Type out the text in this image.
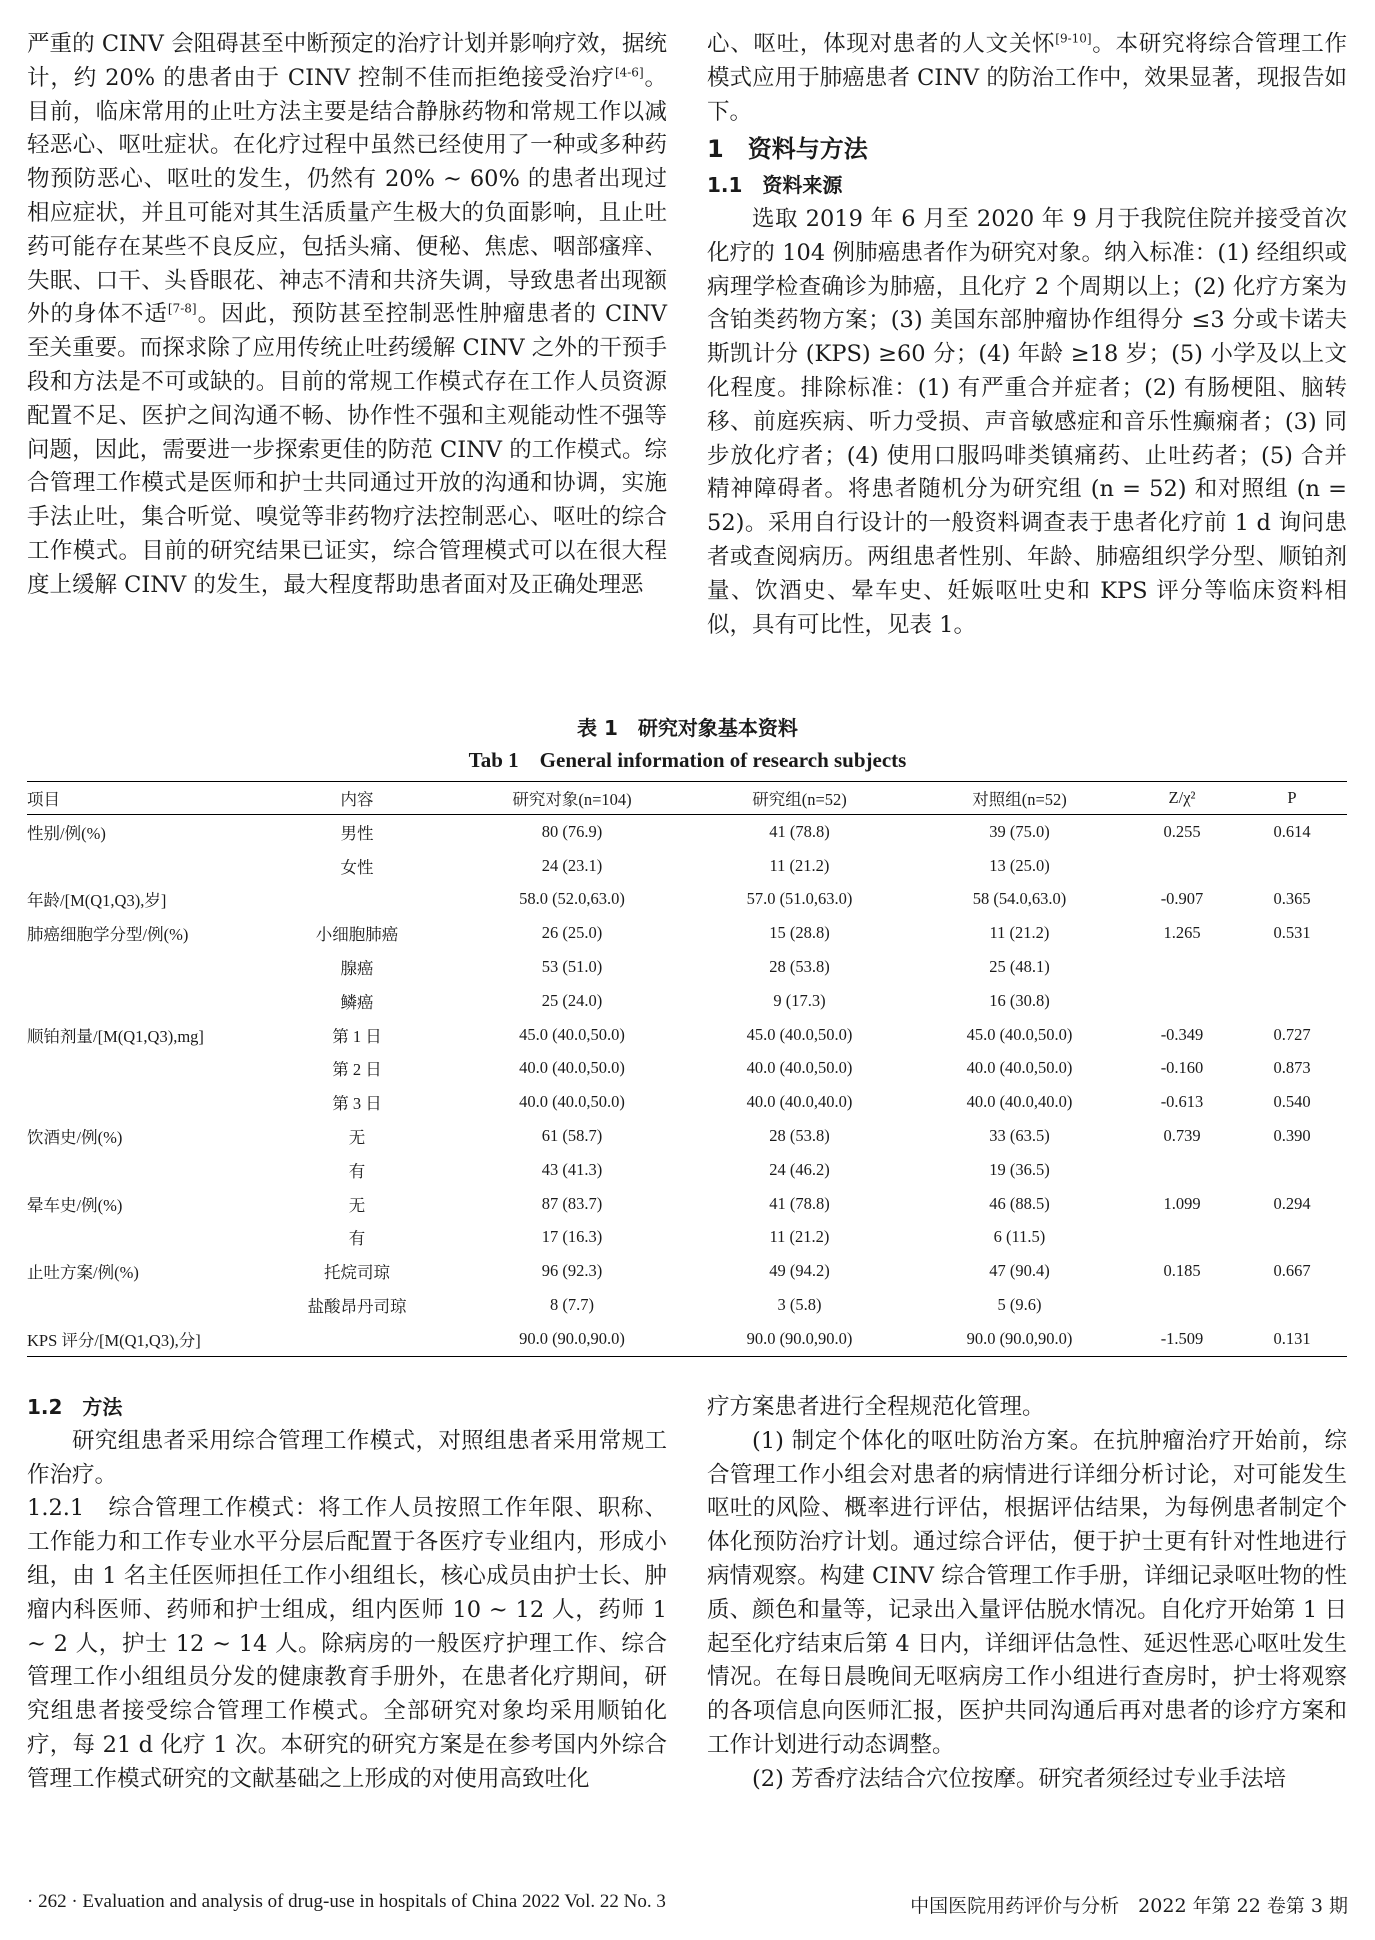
严重的 CINV 会阻碍甚至中断预定的治疗计划并影响疗效，据统计，约 20% 的患者由于 CINV 控制不佳而拒绝接受治疗[4-6]。目前，临床常用的止吐方法主要是结合静脉药物和常规工作以减轻恶心、呕吐症状。在化疗过程中虽然已经使用了一种或多种药物预防恶心、呕吐的发生，仍然有 20% ~ 60% 的患者出现过相应症状，并且可能对其生活质量产生极大的负面影响，且止吐药可能存在某些不良反应，包括头痛、便秘、焦虑、咽部瘙痒、失眠、口干、头昏眼花、神志不清和共济失调，导致患者出现额外的身体不适[7-8]。因此，预防甚至控制恶性肿瘤患者的 CINV 至关重要。而探求除了应用传统止吐药缓解 CINV 之外的干预手段和方法是不可或缺的。目前的常规工作模式存在工作人员资源配置不足、医护之间沟通不畅、协作性不强和主观能动性不强等问题，因此，需要进一步探索更佳的防范 CINV 的工作模式。综合管理工作模式是医师和护士共同通过开放的沟通和协调，实施手法止吐，集合听觉、嗅觉等非药物疗法控制恶心、呕吐的综合工作模式。目前的研究结果已证实，综合管理模式可以在很大程度上缓解 CINV 的发生，最大程度帮助患者面对及正确处理恶

心、呕吐，体现对患者的人文关怀[9-10]。本研究将综合管理工作模式应用于肺癌患者 CINV 的防治工作中，效果显著，现报告如下。

1　资料与方法

1.1　资料来源

选取 2019 年 6 月至 2020 年 9 月于我院住院并接受首次化疗的 104 例肺癌患者作为研究对象。纳入标准：(1) 经组织或病理学检查确诊为肺癌，且化疗 2 个周期以上；(2) 化疗方案为含铂类药物方案；(3) 美国东部肿瘤协作组得分 ≤3 分或卡诺夫斯凯计分 (KPS) ≥60 分；(4) 年龄 ≥18 岁；(5) 小学及以上文化程度。排除标准：(1) 有严重合并症者；(2) 有肠梗阻、脑转移、前庭疾病、听力受损、声音敏感症和音乐性癫痫者；(3) 同步放化疗者；(4) 使用口服吗啡类镇痛药、止吐药者；(5) 合并精神障碍者。将患者随机分为研究组 (n = 52) 和对照组 (n = 52)。采用自行设计的一般资料调查表于患者化疗前 1 d 询问患者或查阅病历。两组患者性别、年龄、肺癌组织学分型、顺铂剂量、饮酒史、晕车史、妊娠呕吐史和 KPS 评分等临床资料相似，具有可比性，见表 1。

表 1　研究对象基本资料
Tab 1　General information of research subjects
项目	内容	研究对象(n=104)	研究组(n=52)	对照组(n=52)	Z/χ²	P
性别/例(%)	男性	80 (76.9)	41 (78.8)	39 (75.0)	0.255	0.614
	女性	24 (23.1)	11 (21.2)	13 (25.0)		
年龄/[M(Q1,Q3),岁]		58.0 (52.0,63.0)	57.0 (51.0,63.0)	58 (54.0,63.0)	-0.907	0.365
肺癌细胞学分型/例(%)	小细胞肺癌	26 (25.0)	15 (28.8)	11 (21.2)	1.265	0.531
	腺癌	53 (51.0)	28 (53.8)	25 (48.1)		
	鳞癌	25 (24.0)	9 (17.3)	16 (30.8)		
顺铂剂量/[M(Q1,Q3),mg]	第 1 日	45.0 (40.0,50.0)	45.0 (40.0,50.0)	45.0 (40.0,50.0)	-0.349	0.727
	第 2 日	40.0 (40.0,50.0)	40.0 (40.0,50.0)	40.0 (40.0,50.0)	-0.160	0.873
	第 3 日	40.0 (40.0,50.0)	40.0 (40.0,40.0)	40.0 (40.0,40.0)	-0.613	0.540
饮酒史/例(%)	无	61 (58.7)	28 (53.8)	33 (63.5)	0.739	0.390
	有	43 (41.3)	24 (46.2)	19 (36.5)		
晕车史/例(%)	无	87 (83.7)	41 (78.8)	46 (88.5)	1.099	0.294
	有	17 (16.3)	11 (21.2)	6 (11.5)		
止吐方案/例(%)	托烷司琼	96 (92.3)	49 (94.2)	47 (90.4)	0.185	0.667
	盐酸昂丹司琼	8 (7.7)	3 (5.8)	5 (9.6)		
KPS 评分/[M(Q1,Q3),分]		90.0 (90.0,90.0)	90.0 (90.0,90.0)	90.0 (90.0,90.0)	-1.509	0.131

1.2　方法

研究组患者采用综合管理工作模式，对照组患者采用常规工作治疗。

1.2.1　综合管理工作模式：将工作人员按照工作年限、职称、工作能力和工作专业水平分层后配置于各医疗专业组内，形成小组，由 1 名主任医师担任工作小组组长，核心成员由护士长、肿瘤内科医师、药师和护士组成，组内医师 10 ~ 12 人，药师 1 ~ 2 人，护士 12 ~ 14 人。除病房的一般医疗护理工作、综合管理工作小组组员分发的健康教育手册外，在患者化疗期间，研究组患者接受综合管理工作模式。全部研究对象均采用顺铂化疗，每 21 d 化疗 1 次。本研究的研究方案是在参考国内外综合管理工作模式研究的文献基础之上形成的对使用高致吐化

疗方案患者进行全程规范化管理。

(1) 制定个体化的呕吐防治方案。在抗肿瘤治疗开始前，综合管理工作小组会对患者的病情进行详细分析讨论，对可能发生呕吐的风险、概率进行评估，根据评估结果，为每例患者制定个体化预防治疗计划。通过综合评估，便于护士更有针对性地进行病情观察。构建 CINV 综合管理工作手册，详细记录呕吐物的性质、颜色和量等，记录出入量评估脱水情况。自化疗开始第 1 日起至化疗结束后第 4 日内，详细评估急性、延迟性恶心呕吐发生情况。在每日晨晚间无呕病房工作小组进行查房时，护士将观察的各项信息向医师汇报，医护共同沟通后再对患者的诊疗方案和工作计划进行动态调整。

(2) 芳香疗法结合穴位按摩。研究者须经过专业手法培

· 262 · Evaluation and analysis of drug-use in hospitals of China 2022 Vol. 22 No. 3	中国医院用药评价与分析　2022 年第 22 卷第 3 期
